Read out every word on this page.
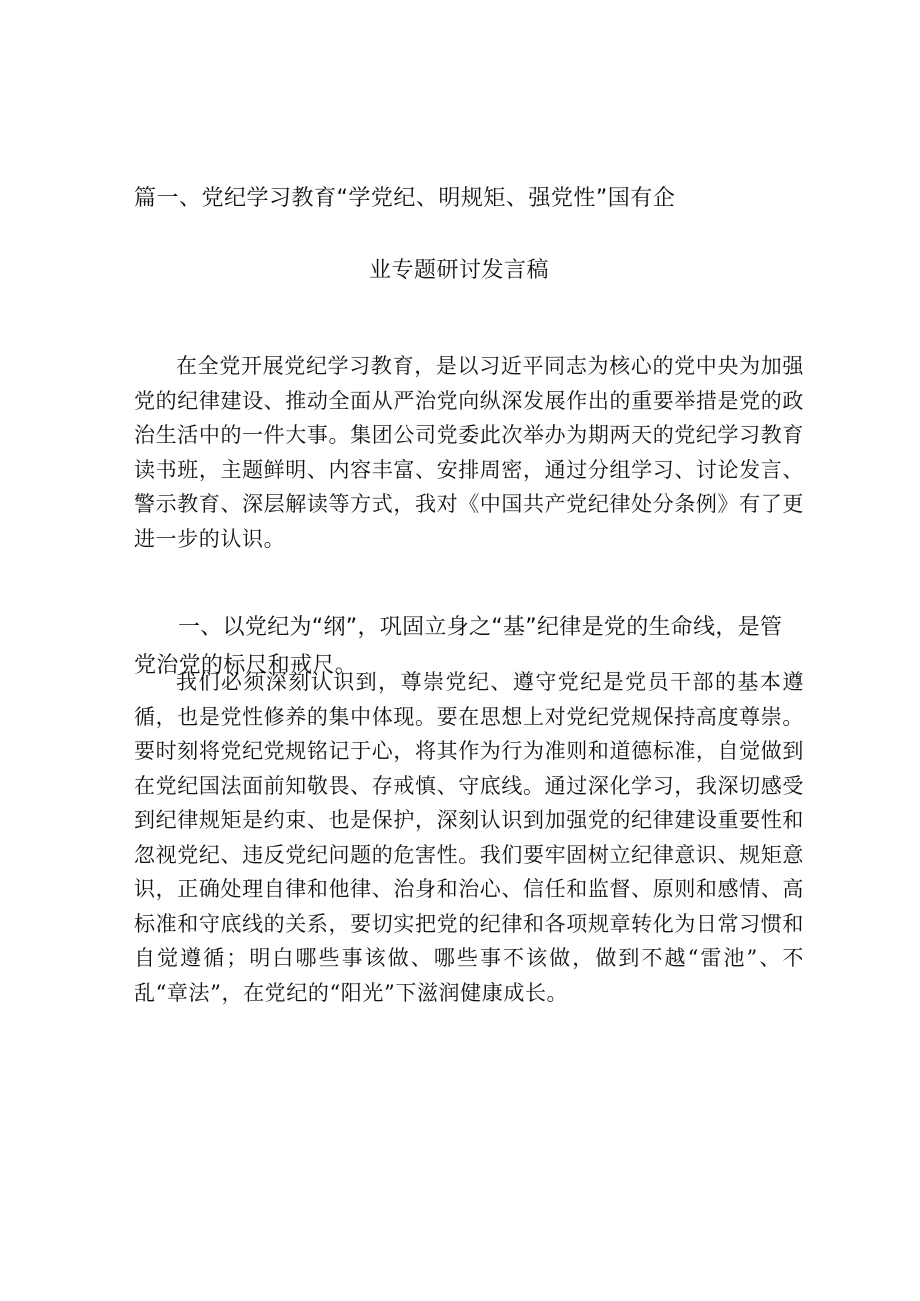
篇一、党纪学习教育“学党纪、明规矩、强党性”国有企
业专题研讨发言稿

在全党开展党纪学习教育，是以习近平同志为核心的党中央为加强党的纪律建设、推动全面从严治党向纵深发展作出的重要举措是党的政治生活中的一件大事。集团公司党委此次举办为期两天的党纪学习教育读书班，主题鲜明、内容丰富、安排周密，通过分组学习、讨论发言、警示教育、深层解读等方式，我对《中国共产党纪律处分条例》有了更进一步的认识。

一、以党纪为“纲”，巩固立身之“基”纪律是党的生命线，是管党治党的标尺和戒尺。

我们必须深刻认识到，尊崇党纪、遵守党纪是党员干部的基本遵循，也是党性修养的集中体现。要在思想上对党纪党规保持高度尊崇。要时刻将党纪党规铭记于心，将其作为行为准则和道德标准，自觉做到在党纪国法面前知敬畏、存戒慎、守底线。通过深化学习，我深切感受到纪律规矩是约束、也是保护，深刻认识到加强党的纪律建设重要性和忽视党纪、违反党纪问题的危害性。我们要牢固树立纪律意识、规矩意识，正确处理自律和他律、治身和治心、信任和监督、原则和感情、高标准和守底线的关系，要切实把党的纪律和各项规章转化为日常习惯和自觉遵循；明白哪些事该做、哪些事不该做，做到不越“雷池”、不乱“章法”，在党纪的“阳光”下滋润健康成长。
